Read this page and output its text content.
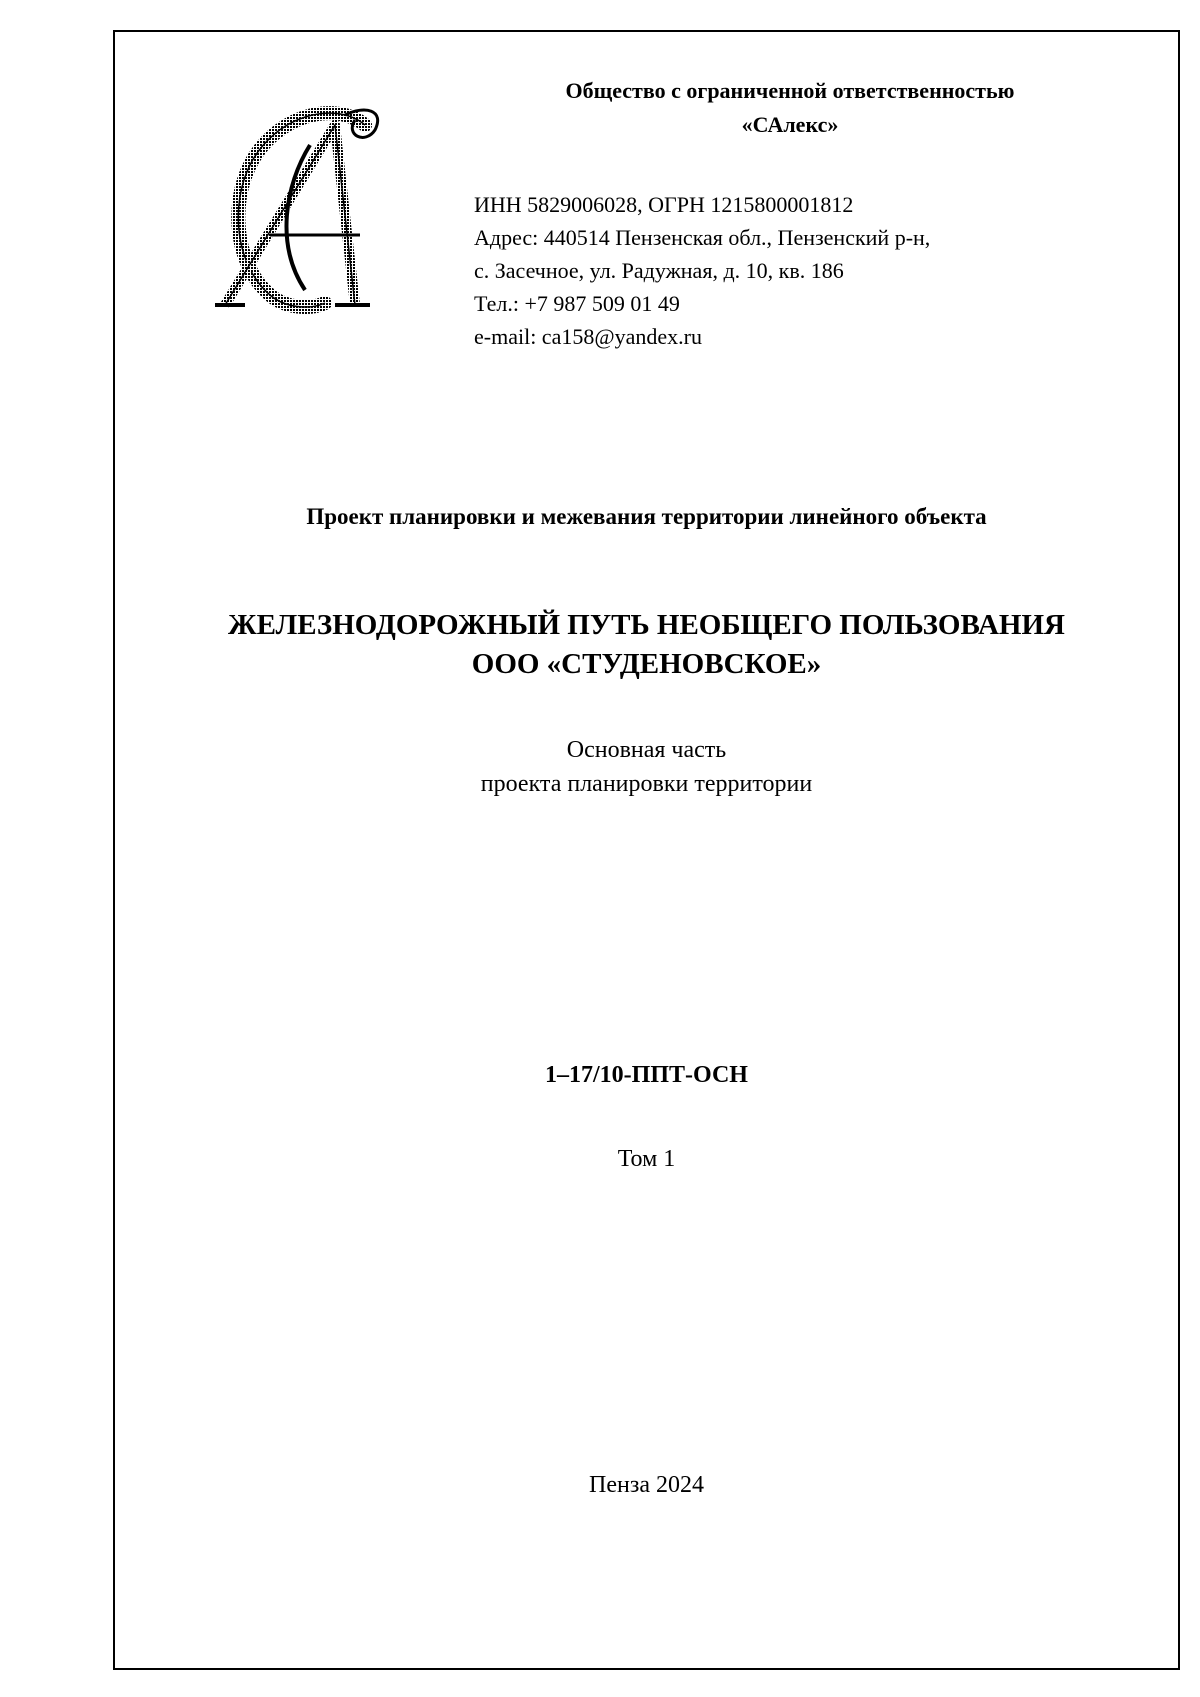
Общество с ограниченной ответственностью
«САлекс»
ИНН 5829006028, ОГРН 1215800001812
Адрес: 440514 Пензенская обл., Пензенский р-н,
с. Засечное, ул. Радужная, д. 10, кв. 186
Тел.: +7 987 509 01 49
e-mail: ca158@yandex.ru
Проект планировки и межевания территории линейного объекта
ЖЕЛЕЗНОДОРОЖНЫЙ ПУТЬ НЕОБЩЕГО ПОЛЬЗОВАНИЯ
ООО «СТУДЕНОВСКОЕ»
Основная часть
проекта планировки территории
1–17/10-ППТ-ОСН
Том 1
Пенза 2024
